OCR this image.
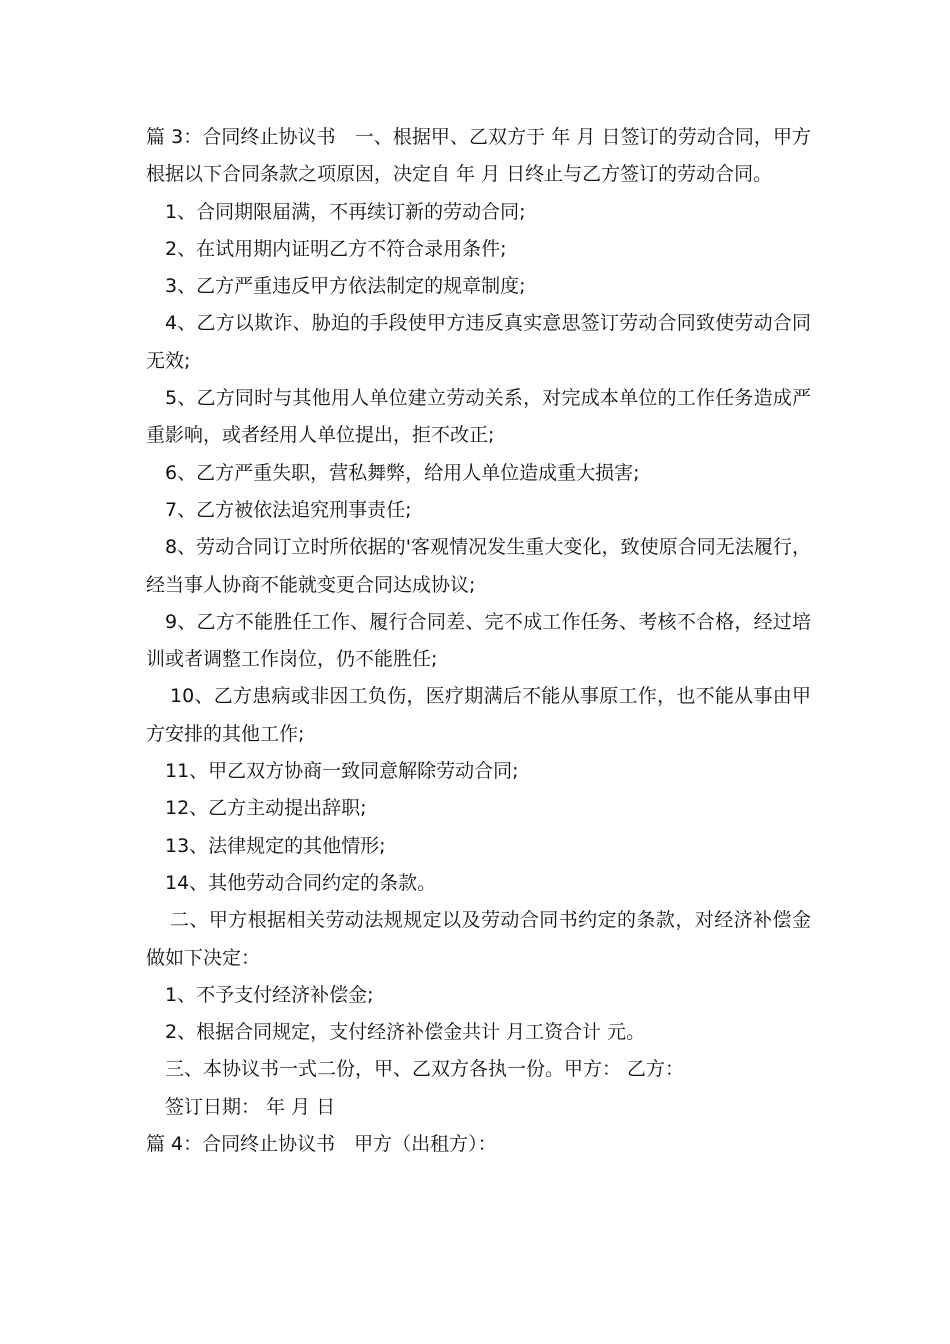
篇 3：合同终止协议书　一、根据甲、乙双方于 年 月 日签订的劳动合同，甲方根据以下合同条款之项原因，决定自 年 月 日终止与乙方签订的劳动合同。

1、合同期限届满，不再续订新的劳动合同;

2、在试用期内证明乙方不符合录用条件;

3、乙方严重违反甲方依法制定的规章制度;

4、乙方以欺诈、胁迫的手段使甲方违反真实意思签订劳动合同致使劳动合同无效;

5、乙方同时与其他用人单位建立劳动关系，对完成本单位的工作任务造成严重影响，或者经用人单位提出，拒不改正;

6、乙方严重失职，营私舞弊，给用人单位造成重大损害;

7、乙方被依法追究刑事责任;

8、劳动合同订立时所依据的'客观情况发生重大变化，致使原合同无法履行，经当事人协商不能就变更合同达成协议;

9、乙方不能胜任工作、履行合同差、完不成工作任务、考核不合格，经过培训或者调整工作岗位，仍不能胜任;

10、乙方患病或非因工负伤，医疗期满后不能从事原工作，也不能从事由甲方安排的其他工作;

11、甲乙双方协商一致同意解除劳动合同;

12、乙方主动提出辞职;

13、法律规定的其他情形;

14、其他劳动合同约定的条款。

二、甲方根据相关劳动法规规定以及劳动合同书约定的条款，对经济补偿金做如下决定：

1、不予支付经济补偿金;

2、根据合同规定，支付经济补偿金共计 月工资合计 元。

三、本协议书一式二份，甲、乙双方各执一份。甲方： 乙方：

签订日期： 年 月 日

篇 4：合同终止协议书　甲方（出租方）：
